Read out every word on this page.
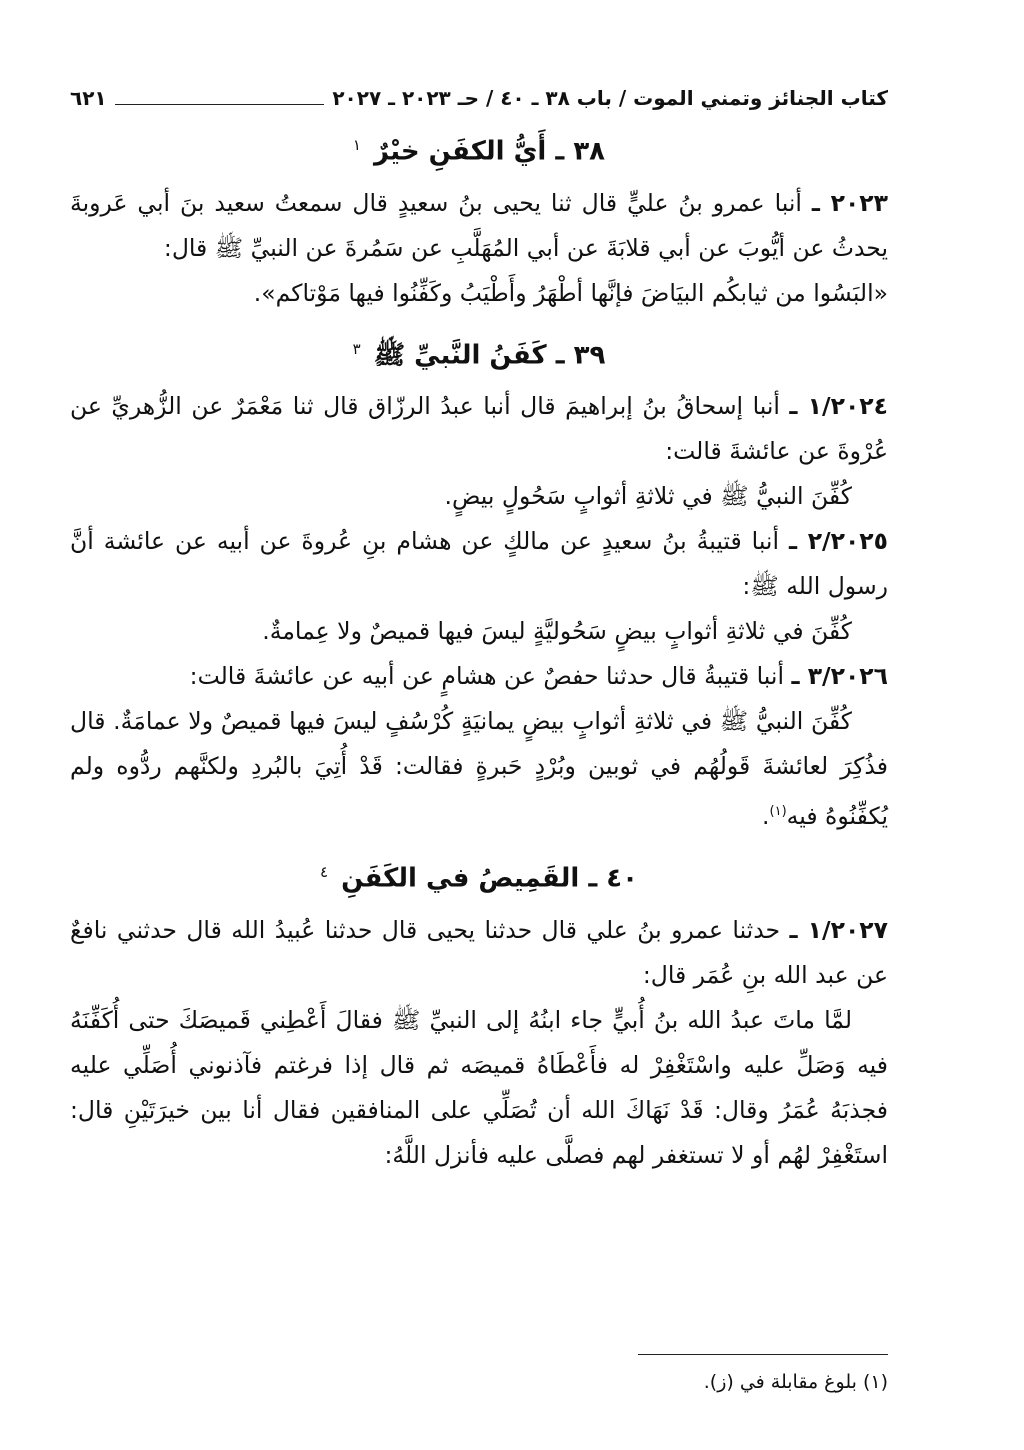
كتاب الجنائز وتمني الموت / باب ٣٨ ـ ٤٠ / حـ ٢٠٢٣ ـ ٢٠٢٧
٦٢١
٣٨ ـ أَيُّ الكفَنِ خيْرٌ $^١$

٢٠٢٣ ـ أنبا عمرو بنُ عليٍّ قال ثنا يحيى بنُ سعيدٍ قال سمعتُ سعيد بنَ أبي عَروبةَ يحدثُ عن أيُّوبَ عن أبي قلابَةَ عن أبي المُهَلَّبِ عن سَمُرةَ عن النبيِّ ﷺ قال:

«البَسُوا من ثيابكُم البيَاضَ فإنَّها أطْهَرُ وأَطْيَبُ وكَفِّنُوا فيها مَوْتاكم».

٣٩ ـ كَفَنُ النَّبيِّ ﷺ $^٣$

١/٢٠٢٤ ـ أنبا إسحاقُ بنُ إبراهيمَ قال أنبا عبدُ الرزّاق قال ثنا مَعْمَرٌ عن الزُّهريِّ عن عُرْوةَ عن عائشةَ قالت:

كُفِّنَ النبيُّ ﷺ في ثلاثةِ أثوابٍ سَحُولٍ بيضٍ.

٢/٢٠٢٥ ـ أنبا قتيبةُ بنُ سعيدٍ عن مالكٍ عن هشام بنِ عُروةَ عن أبيه عن عائشة أنَّ رسول الله ﷺ:

كُفِّنَ في ثلاثةِ أثوابٍ بيضٍ سَحُوليَّةٍ ليسَ فيها قميصٌ ولا عِمامةٌ.

٣/٢٠٢٦ ـ أنبا قتيبةُ قال حدثنا حفصٌ عن هشامٍ عن أبيه عن عائشةَ قالت:

كُفِّنَ النبيُّ ﷺ في ثلاثةِ أثوابٍ بيضٍ يمانيَةٍ كُرْسُفٍ ليسَ فيها قميصٌ ولا عمامَةٌ. قال فذُكِرَ لعائشةَ قَولُهُم في ثوبين وبُرْدٍ حَبرةٍ فقالت: قَدْ أُتِيَ بالبُردِ ولكنَّهم ردُّوه ولم يُكفِّنُوهُ فيه$^{(١)}$.

٤٠ ـ القَمِيصُ في الكَفَنِ $^٤$

١/٢٠٢٧ ـ حدثنا عمرو بنُ علي قال حدثنا يحيى قال حدثنا عُبيدُ الله قال حدثني نافعٌ عن عبد الله بنِ عُمَر قال:

لمَّا ماتَ عبدُ الله بنُ أُبيٍّ جاء ابنُهُ إلى النبيِّ ﷺ فقالَ أَعْطِني قَميصَكَ حتى أُكَفِّنَهُ فيه وَصَلِّ عليه واسْتَغْفِرْ له فأَعْطَاهُ قميصَه ثم قال إذا فرغتم فآذنوني أُصَلِّي عليه فجذبَهُ عُمَرُ وقال: قَدْ نَهَاكَ الله أن تُصَلِّي على المنافقين فقال أنا بين خيرَتَيْنِ قال: استَغْفِرْ لهُم أو لا تستغفر لهم فصلَّى عليه فأنزل اللَّهُ:

(١) بلوغ مقابلة في (ز).
